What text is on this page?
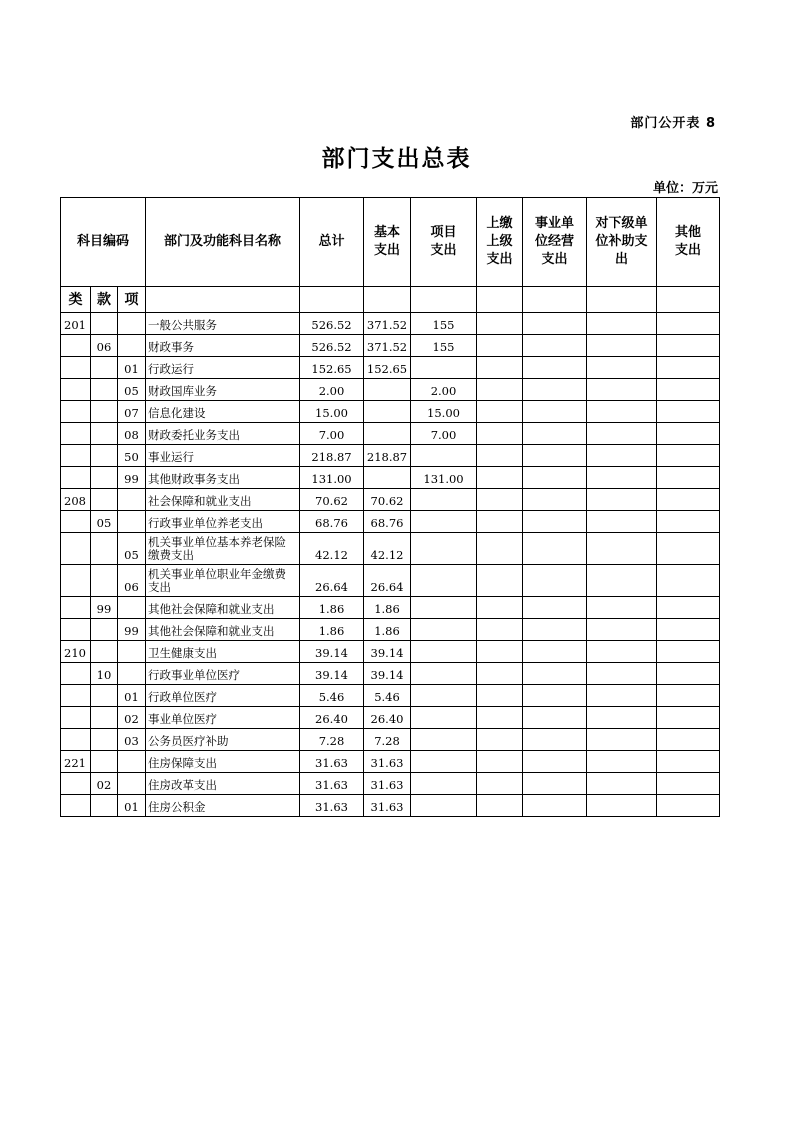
部门公开表 8
部门支出总表
单位：万元
科目编码			部门及功能科目名称	总计	基本支出	项目支出	上缴上级支出	事业单位经营支出	对下级单位补助支出	其他支出

类	款	项								
201			一般公共服务	526.52	371.52	155				
	06		财政事务	526.52	371.52	155				
		01	行政运行	152.65	152.65					
		05	财政国库业务	2.00		2.00				
		07	信息化建设	15.00		15.00				
		08	财政委托业务支出	7.00		7.00				
		50	事业运行	218.87	218.87					
		99	其他财政事务支出	131.00		131.00				
208			社会保障和就业支出	70.62	70.62					
	05		行政事业单位养老支出	68.76	68.76					
		05	机关事业单位基本养老保险缴费支出	42.12	42.12					
		06	机关事业单位职业年金缴费支出	26.64	26.64					
	99		其他社会保障和就业支出	1.86	1.86					
		99	其他社会保障和就业支出	1.86	1.86					
210			卫生健康支出	39.14	39.14					
	10		行政事业单位医疗	39.14	39.14					
		01	行政单位医疗	5.46	5.46					
		02	事业单位医疗	26.40	26.40					
		03	公务员医疗补助	7.28	7.28					
221			住房保障支出	31.63	31.63					
	02		住房改革支出	31.63	31.63					
		01	住房公积金	31.63	31.63					
